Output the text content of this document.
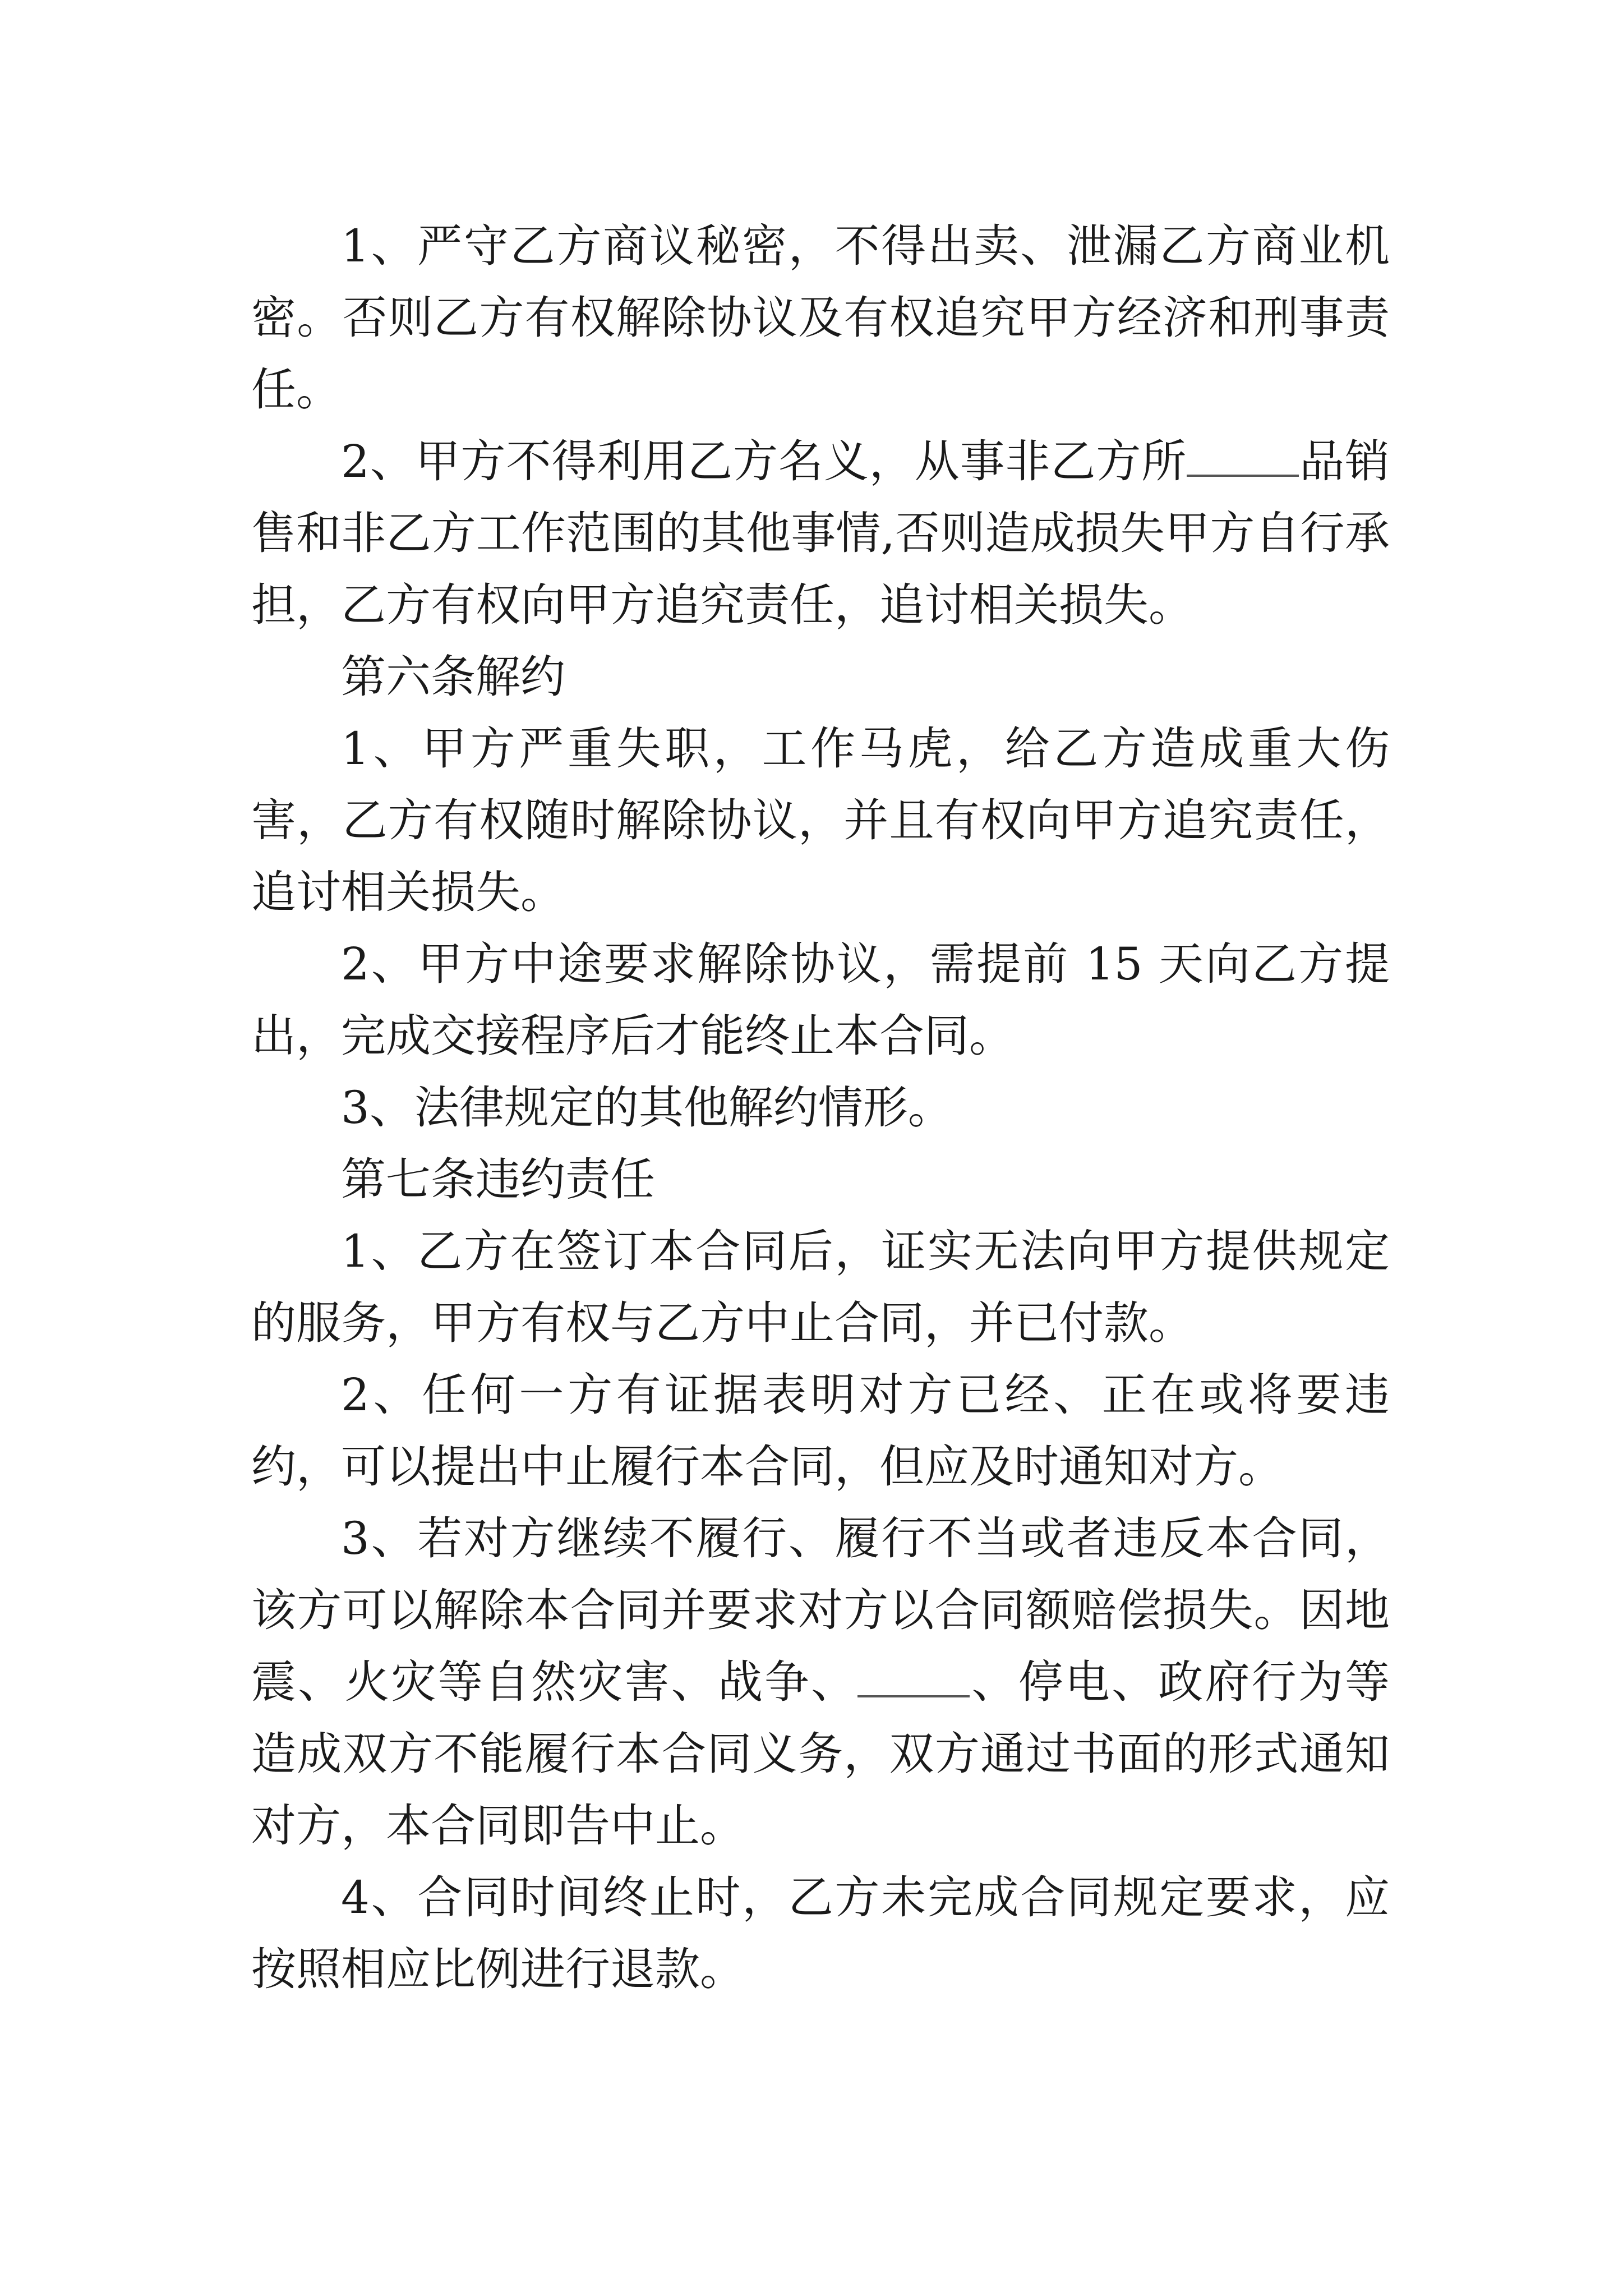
1、严守乙方商议秘密，不得出卖、泄漏乙方商业机密。否则乙方有权解除协议及有权追究甲方经济和刑事责任。

2、甲方不得利用乙方名义，从事非乙方所	品销售和非乙方工作范围的其他事情,否则造成损失甲方自行承担，乙方有权向甲方追究责任，追讨相关损失。

第六条解约

1、甲方严重失职，工作马虎，给乙方造成重大伤害，乙方有权随时解除协议，并且有权向甲方追究责任，追讨相关损失。

2、甲方中途要求解除协议，需提前 15 天向乙方提出，完成交接程序后才能终止本合同。

3、法律规定的其他解约情形。

第七条违约责任

1、乙方在签订本合同后，证实无法向甲方提供规定的服务，甲方有权与乙方中止合同，并已付款。

2、任何一方有证据表明对方已经、正在或将要违约，可以提出中止履行本合同，但应及时通知对方。

3、若对方继续不履行、履行不当或者违反本合同，该方可以解除本合同并要求对方以合同额赔偿损失。因地震、火灾等自然灾害、战争、	、停电、政府行为等造成双方不能履行本合同义务，双方通过书面的形式通知对方，本合同即告中止。

4、合同时间终止时，乙方未完成合同规定要求，应按照相应比例进行退款。
